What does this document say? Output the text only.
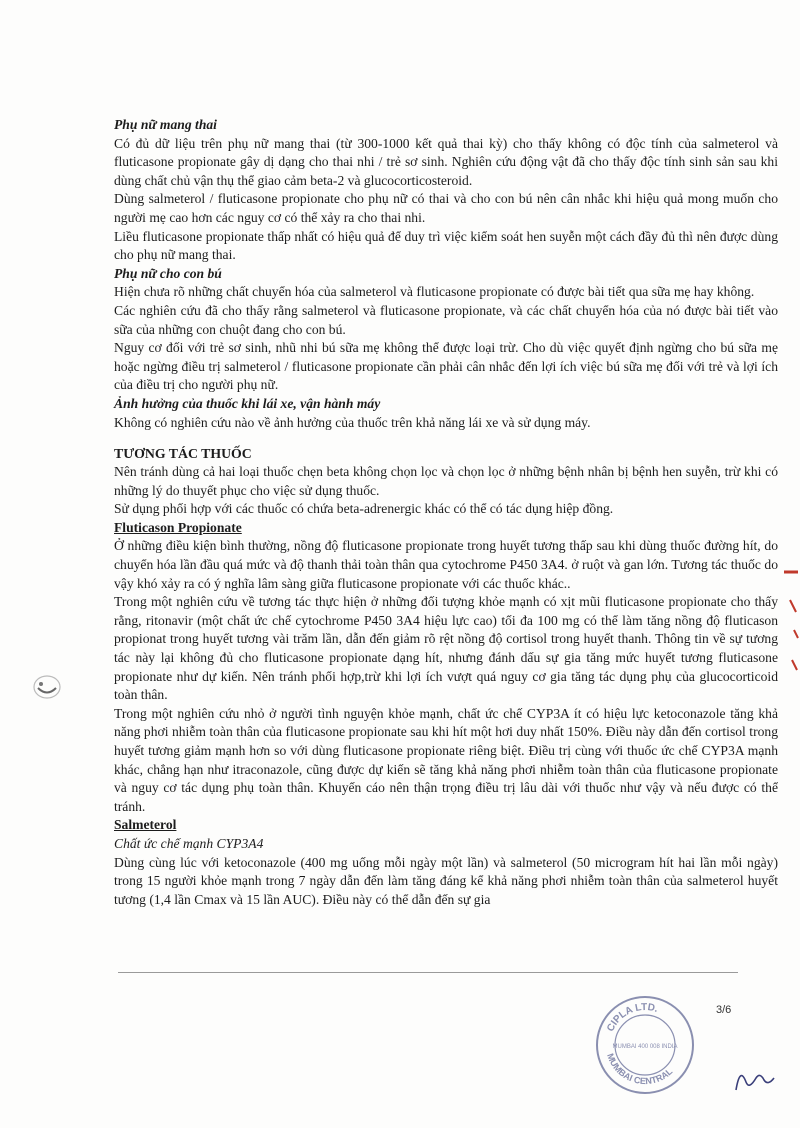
Phụ nữ mang thai

Có đủ dữ liệu trên phụ nữ mang thai (từ 300-1000 kết quả thai kỳ) cho thấy không có độc tính của salmeterol và fluticasone propionate gây dị dạng cho thai nhi / trẻ sơ sinh. Nghiên cứu động vật đã cho thấy độc tính sinh sản sau khi dùng chất chủ vận thụ thể giao cảm beta-2 và glucocorticosteroid.

Dùng salmeterol / fluticasone propionate cho phụ nữ có thai và cho con bú nên cân nhắc khi hiệu quả mong muốn cho người mẹ cao hơn các nguy cơ có thể xảy ra cho thai nhi.

Liều fluticasone propionate thấp nhất có hiệu quả để duy trì việc kiểm soát hen suyễn một cách đầy đủ thì nên được dùng cho phụ nữ mang thai.

Phụ nữ cho con bú

Hiện chưa rõ những chất chuyển hóa của salmeterol và fluticasone propionate có được bài tiết qua sữa mẹ hay không.

Các nghiên cứu đã cho thấy rằng salmeterol và fluticasone propionate, và các chất chuyển hóa của nó được bài tiết vào sữa của những con chuột đang cho con bú.

Nguy cơ đối với trẻ sơ sinh, nhũ nhi bú sữa mẹ không thể được loại trừ. Cho dù việc quyết định ngừng cho bú sữa mẹ hoặc ngừng điều trị salmeterol / fluticasone propionate cần phải cân nhắc đến lợi ích việc bú sữa mẹ đối với trẻ và lợi ích của điều trị cho người phụ nữ.

Ảnh hưởng của thuốc khi lái xe, vận hành máy

Không có nghiên cứu nào về ảnh hưởng của thuốc trên khả năng lái xe và sử dụng máy.

TƯƠNG TÁC THUỐC

Nên tránh dùng cả hai loại thuốc chẹn beta không chọn lọc và chọn lọc ở những bệnh nhân bị bệnh hen suyễn, trừ khi có những lý do thuyết phục cho việc sử dụng thuốc.

Sử dụng phối hợp với các thuốc có chứa beta-adrenergic khác có thể có tác dụng hiệp đồng.

Fluticason Propionate

Ở những điều kiện bình thường, nồng độ fluticasone propionate trong huyết tương thấp sau khi dùng thuốc đường hít, do chuyển hóa lần đầu quá mức và độ thanh thải toàn thân qua cytochrome P450 3A4. ở ruột và gan lớn. Tương tác thuốc do vậy khó xảy ra có ý nghĩa lâm sàng giữa fluticasone propionate với các thuốc khác..

Trong một nghiên cứu về tương tác thực hiện ở những đối tượng khỏe mạnh có xịt mũi fluticasone propionate cho thấy rằng, ritonavir (một chất ức chế cytochrome P450 3A4 hiệu lực cao) tối đa 100 mg có thể làm tăng nồng độ fluticason propionat trong huyết tương vài trăm lần, dẫn đến giảm rõ rệt nồng độ cortisol trong huyết thanh. Thông tin về sự tương tác này lại không đủ cho fluticasone propionate dạng hít, nhưng đánh dấu sự gia tăng mức huyết tương fluticasone propionate như dự kiến. Nên tránh phối hợp,trừ khi lợi ích vượt quá nguy cơ gia tăng tác dụng phụ của glucocorticoid toàn thân.

Trong một nghiên cứu nhỏ ở người tình nguyện khỏe mạnh, chất ức chế CYP3A ít có hiệu lực ketoconazole tăng khả năng phơi nhiễm toàn thân của fluticasone propionate sau khi hít một hơi duy nhất 150%. Điều này dẫn đến cortisol trong huyết tương giảm mạnh hơn so với dùng fluticasone propionate riêng biệt. Điều trị cùng với thuốc ức chế CYP3A mạnh khác, chẳng hạn như itraconazole, cũng được dự kiến sẽ tăng khả năng phơi nhiễm toàn thân của fluticasone propionate và nguy cơ tác dụng phụ toàn thân. Khuyến cáo nên thận trọng điều trị lâu dài với thuốc như vậy và nếu được có thể tránh.

Salmeterol

Chất ức chế mạnh CYP3A4

Dùng cùng lúc với ketoconazole (400 mg uống mỗi ngày một lần) và salmeterol (50 microgram hít hai lần mỗi ngày) trong 15 người khỏe mạnh trong 7 ngày dẫn đến làm tăng đáng kể khả năng phơi nhiễm toàn thân của salmeterol huyết tương (1,4 lần Cmax và 15 lần AUC). Điều này có thể dẫn đến sự gia

3/6
CIPLA LTD.
MUMBAI CENTRAL
MUMBAI 400 008 INDIA
